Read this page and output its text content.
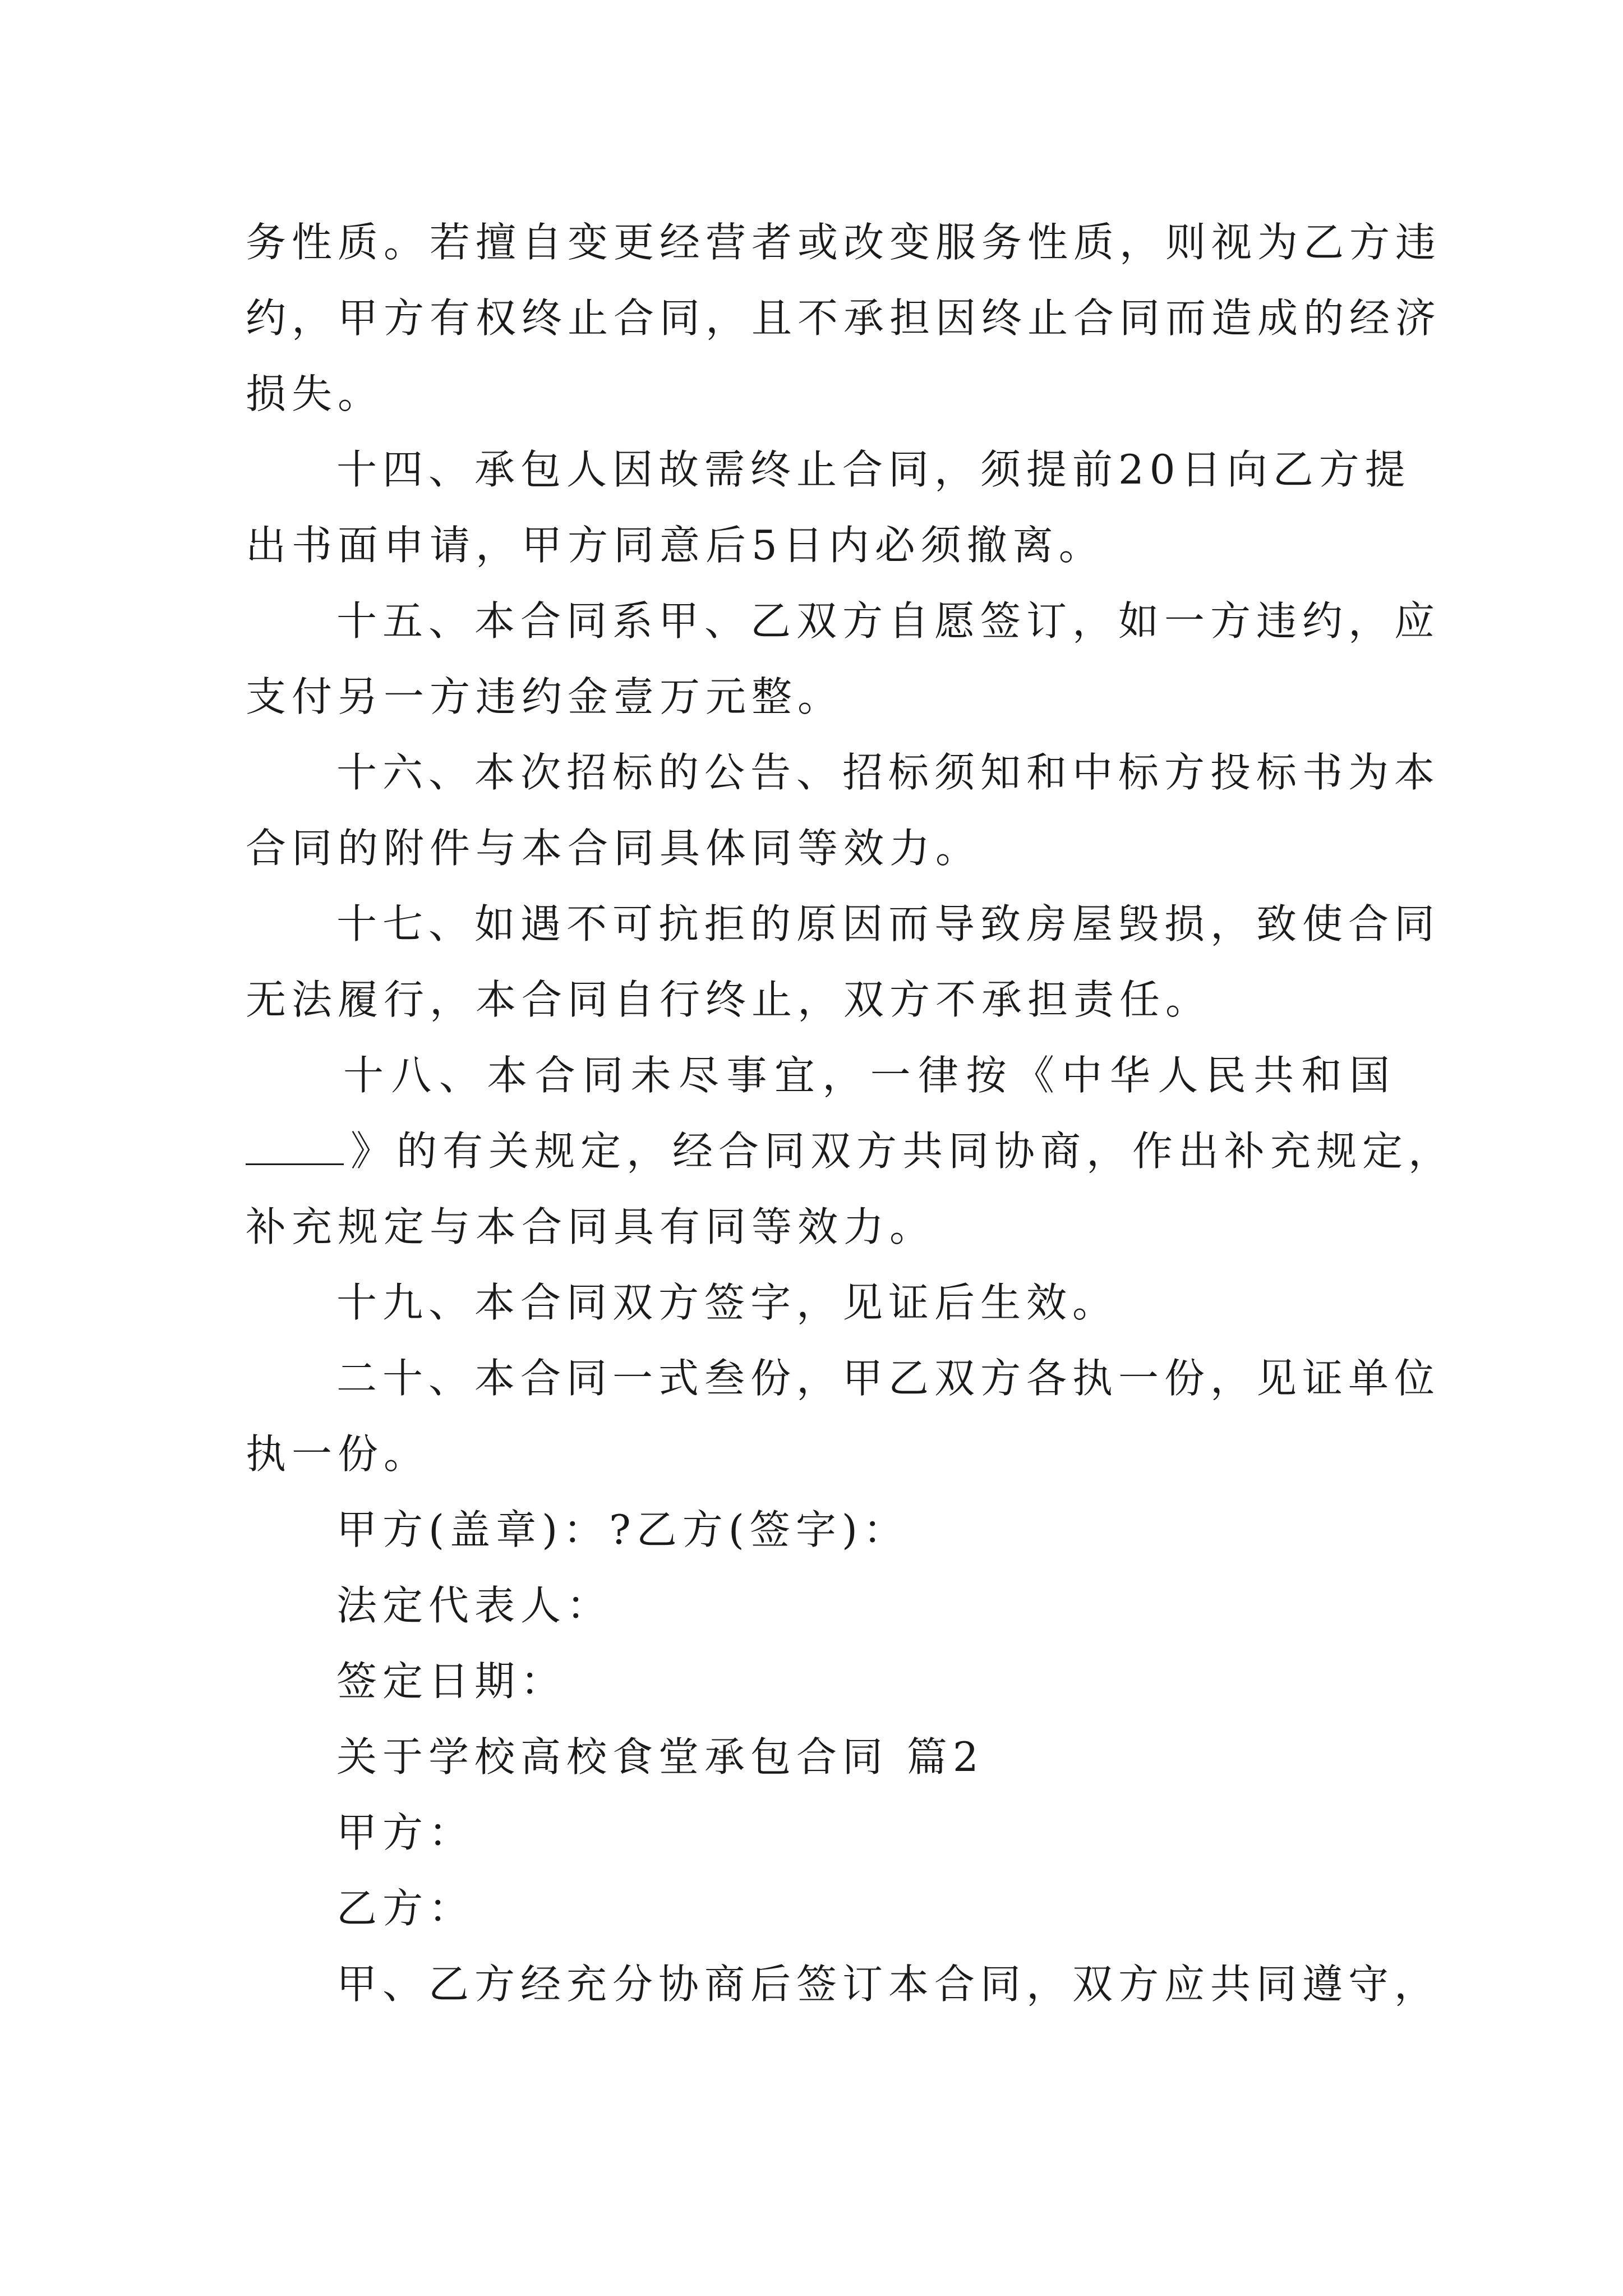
务性质。若擅自变更经营者或改变服务性质，则视为乙方违
约，甲方有权终止合同，且不承担因终止合同而造成的经济
损失。
十四、承包人因故需终止合同，须提前20日向乙方提
出书面申请，甲方同意后5日内必须撤离。
十五、本合同系甲、乙双方自愿签订，如一方违约，应
支付另一方违约金壹万元整。
十六、本次招标的公告、招标须知和中标方投标书为本
合同的附件与本合同具体同等效力。
十七、如遇不可抗拒的原因而导致房屋毁损，致使合同
无法履行，本合同自行终止，双方不承担责任。
十八、本合同未尽事宜，一律按《中华人民共和国
》的有关规定，经合同双方共同协商，作出补充规定，
补充规定与本合同具有同等效力。
十九、本合同双方签字，见证后生效。
二十、本合同一式叁份，甲乙双方各执一份，见证单位
执一份。
甲方(盖章)：?乙方(签字)：
法定代表人：
签定日期：
关于学校高校食堂承包合同 篇2
甲方：
乙方：
甲、乙方经充分协商后签订本合同，双方应共同遵守，
